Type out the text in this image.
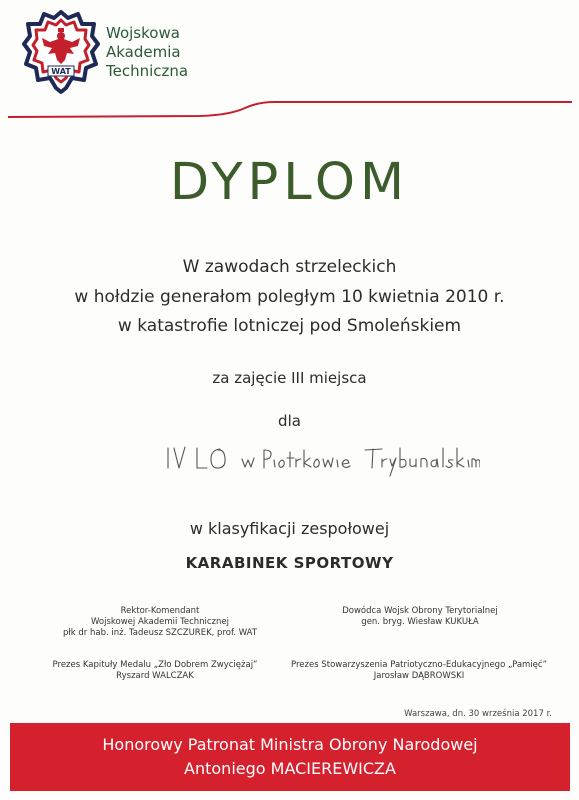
WAT
Wojskowa
Akademia
Techniczna
DYPLOM
W zawodach strzeleckich
w hołdzie generałom poległym 10 kwietnia 2010 r.
w katastrofie lotniczej pod Smoleńskiem
za zajęcie III miejsca
dla
w klasyfikacji zespołowej
KARABINEK SPORTOWY
Rektor-Komendant
Wojskowej Akademii Technicznej
płk dr hab. inż. Tadeusz SZCZUREK, prof. WAT
Dowódca Wojsk Obrony Terytorialnej
gen. bryg. Wiesław KUKUŁA
Prezes Kapituły Medalu „Zło Dobrem Zwyciężaj”
Ryszard WALCZAK
Prezes Stowarzyszenia Patriotyczno-Edukacyjnego „Pamięć”
Jarosław DĄBROWSKI
Warszawa, dn. 30 września 2017 r.
Honorowy Patronat Ministra Obrony Narodowej
Antoniego MACIEREWICZA
